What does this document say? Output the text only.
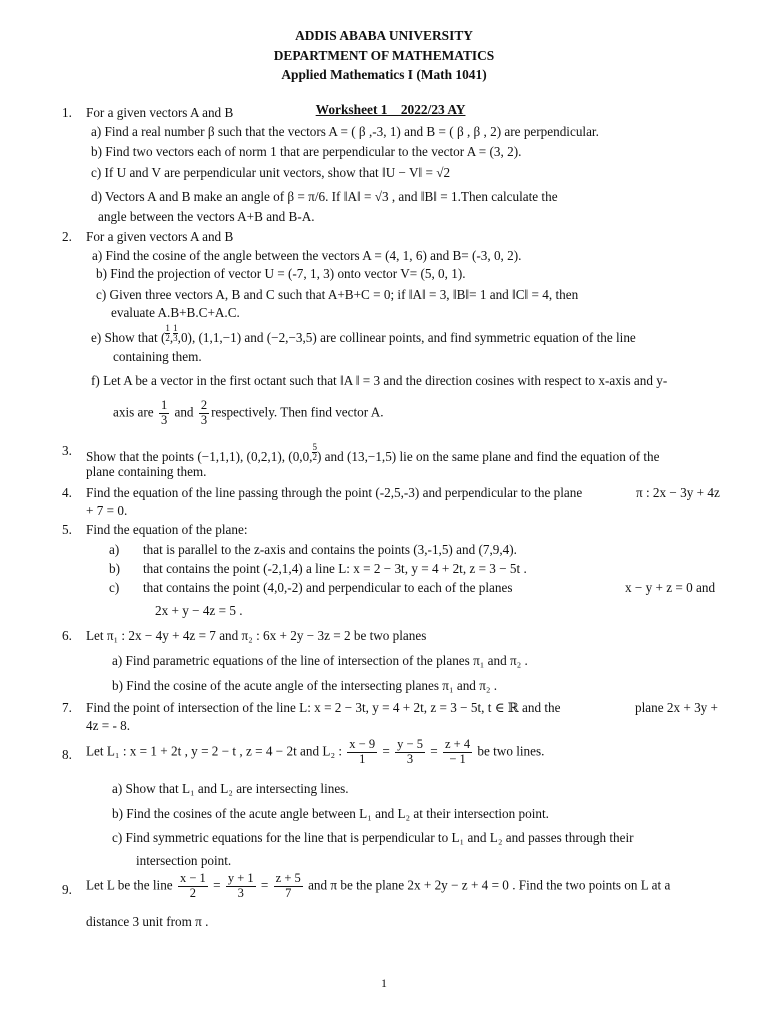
ADDIS ABABA UNIVERSITY
DEPARTMENT OF MATHEMATICS
Applied Mathematics I (Math 1041)

Worksheet 1    2022/23 AY

1. For a given vectors A and B
a) Find a real number β such that the vectors A = ( β ,-3, 1) and B = ( β , β , 2) are perpendicular.
b) Find two vectors each of norm 1 that are perpendicular to the vector A = (3, 2).
c) If U and V are perpendicular unit vectors, show that ‖U − V‖ = √2
d) Vectors A and B make an angle of β = π/6. If ‖A‖ = √3 , and ‖B‖ = 1.Then calculate the
angle between the vectors A+B and B-A.
2. For a given vectors A and B
a) Find the cosine of the angle between the vectors A = (4, 1, 6) and B= (-3, 0, 2).
b) Find the projection of vector U = (-7, 1, 3) onto vector V= (5, 0, 1).
c) Given three vectors A, B and C such that A+B+C = 0; if ‖A‖ = 3, ‖B‖= 1 and ‖C‖ = 4, then
evaluate A.B+B.C+A.C.
e) Show that ( $\frac{1}{2}$ , $\frac{1}{3} ,0$), (1,1,−1) and (−2,−3,5) are collinear points, and find symmetric equation of the line
containing them.
f) Let A be a vector in the first octant such that ‖A ‖ = 3 and the direction cosines with respect to x-axis and y-
axis are $\frac{1}{3}$ and $\frac{2}{3}$ respectively. Then find vector A.
3. Show that the points (−1,1,1), (0,2,1), (0,0, $\frac{5}{2}$ ) and (13,−1,5) lie on the same plane and find the equation of the
plane containing them.
4. Find the equation of the line passing through the point (-2,5,-3) and perpendicular to the plane	π : 2x − 3y + 4z
+ 7 = 0.
5. Find the equation of the plane:
a) that is parallel to the z-axis and contains the points (3,-1,5) and (7,9,4).
b) that contains the point (-2,1,4) a line L: x = 2 − 3t, y = 4 + 2t, z = 3 − 5t .
c) that contains the point (4,0,-2) and perpendicular to each of the planes	x − y + z = 0 and
2x + y − 4z = 5 .
6. Let π₁ : 2x − 4y + 4z = 7 and π₂ : 6x + 2y − 3z = 2 be two planes
a) Find parametric equations of the line of intersection of the planes π₁ and π₂ .
b) Find the cosine of the acute angle of the intersecting planes π₁ and π₂ .
7. Find the point of intersection of the line L: x = 2 − 3t, y = 4 + 2t, z = 3 − 5t, t ∈ ℝ and the	plane 2x + 3y +
4z = - 8.
8. Let L₁ : x = 1 + 2t , y = 2 − t , z = 4 − 2t and L₂ : $\frac{x - 9}{1} = \frac{y - 5}{3} = \frac{z + 4}{- 1}$ be two lines.
a) Show that L₁ and L₂ are intersecting lines.
b) Find the cosines of the acute angle between L₁ and L₂ at their intersection point.
c) Find symmetric equations for the line that is perpendicular to L₁ and L₂ and passes through their
intersection point.
9. Let L be the line $\frac{x - 1}{2} = \frac{y + 1}{3} = \frac{z + 5}{7}$ and π be the plane 2x + 2y − z + 4 = 0 . Find the two points on L at a
distance 3 unit from π .
1
